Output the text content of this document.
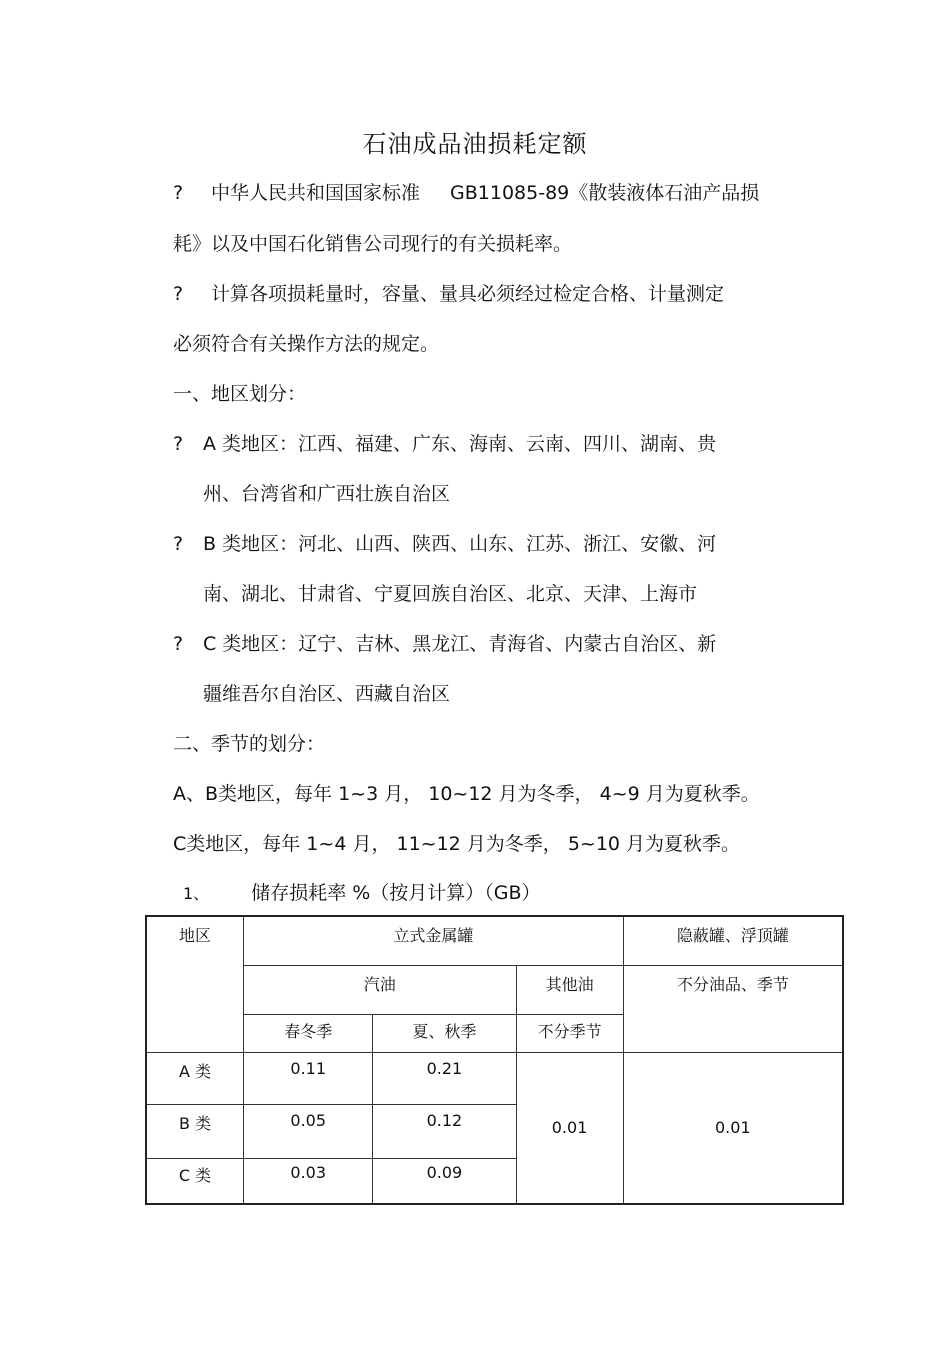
石油成品油损耗定额
? 中华人民共和国国家标准 GB11085-89《散装液体石油产品损
耗》以及中国石化销售公司现行的有关损耗率。
? 计算各项损耗量时，容量、量具必须经过检定合格、计量测定
必须符合有关操作方法的规定。
一、地区划分：
? A 类地区：江西、福建、广东、海南、云南、四川、湖南、贵
州、台湾省和广西壮族自治区
? B 类地区：河北、山西、陕西、山东、江苏、浙江、安徽、河
南、湖北、甘肃省、宁夏回族自治区、北京、天津、上海市
? C 类地区：辽宁、吉林、黑龙江、青海省、内蒙古自治区、新
疆维吾尔自治区、西藏自治区
二、季节的划分：
A、B类地区，每年 1~3 月， 10~12 月为冬季， 4~9 月为夏秋季。
C类地区，每年 1~4 月， 11~12 月为冬季， 5~10 月为夏秋季。
1、 储存损耗率 %（按月计算）（GB）
地区	立式金属罐			隐蔽罐、浮顶罐

	汽油		其他油	不分油品、季节

	春冬季	夏、秋季	不分季节	

A 类	0.11	0.21	0.01	0.01

B 类	0.05	0.12		

C 类	0.03	0.09		
